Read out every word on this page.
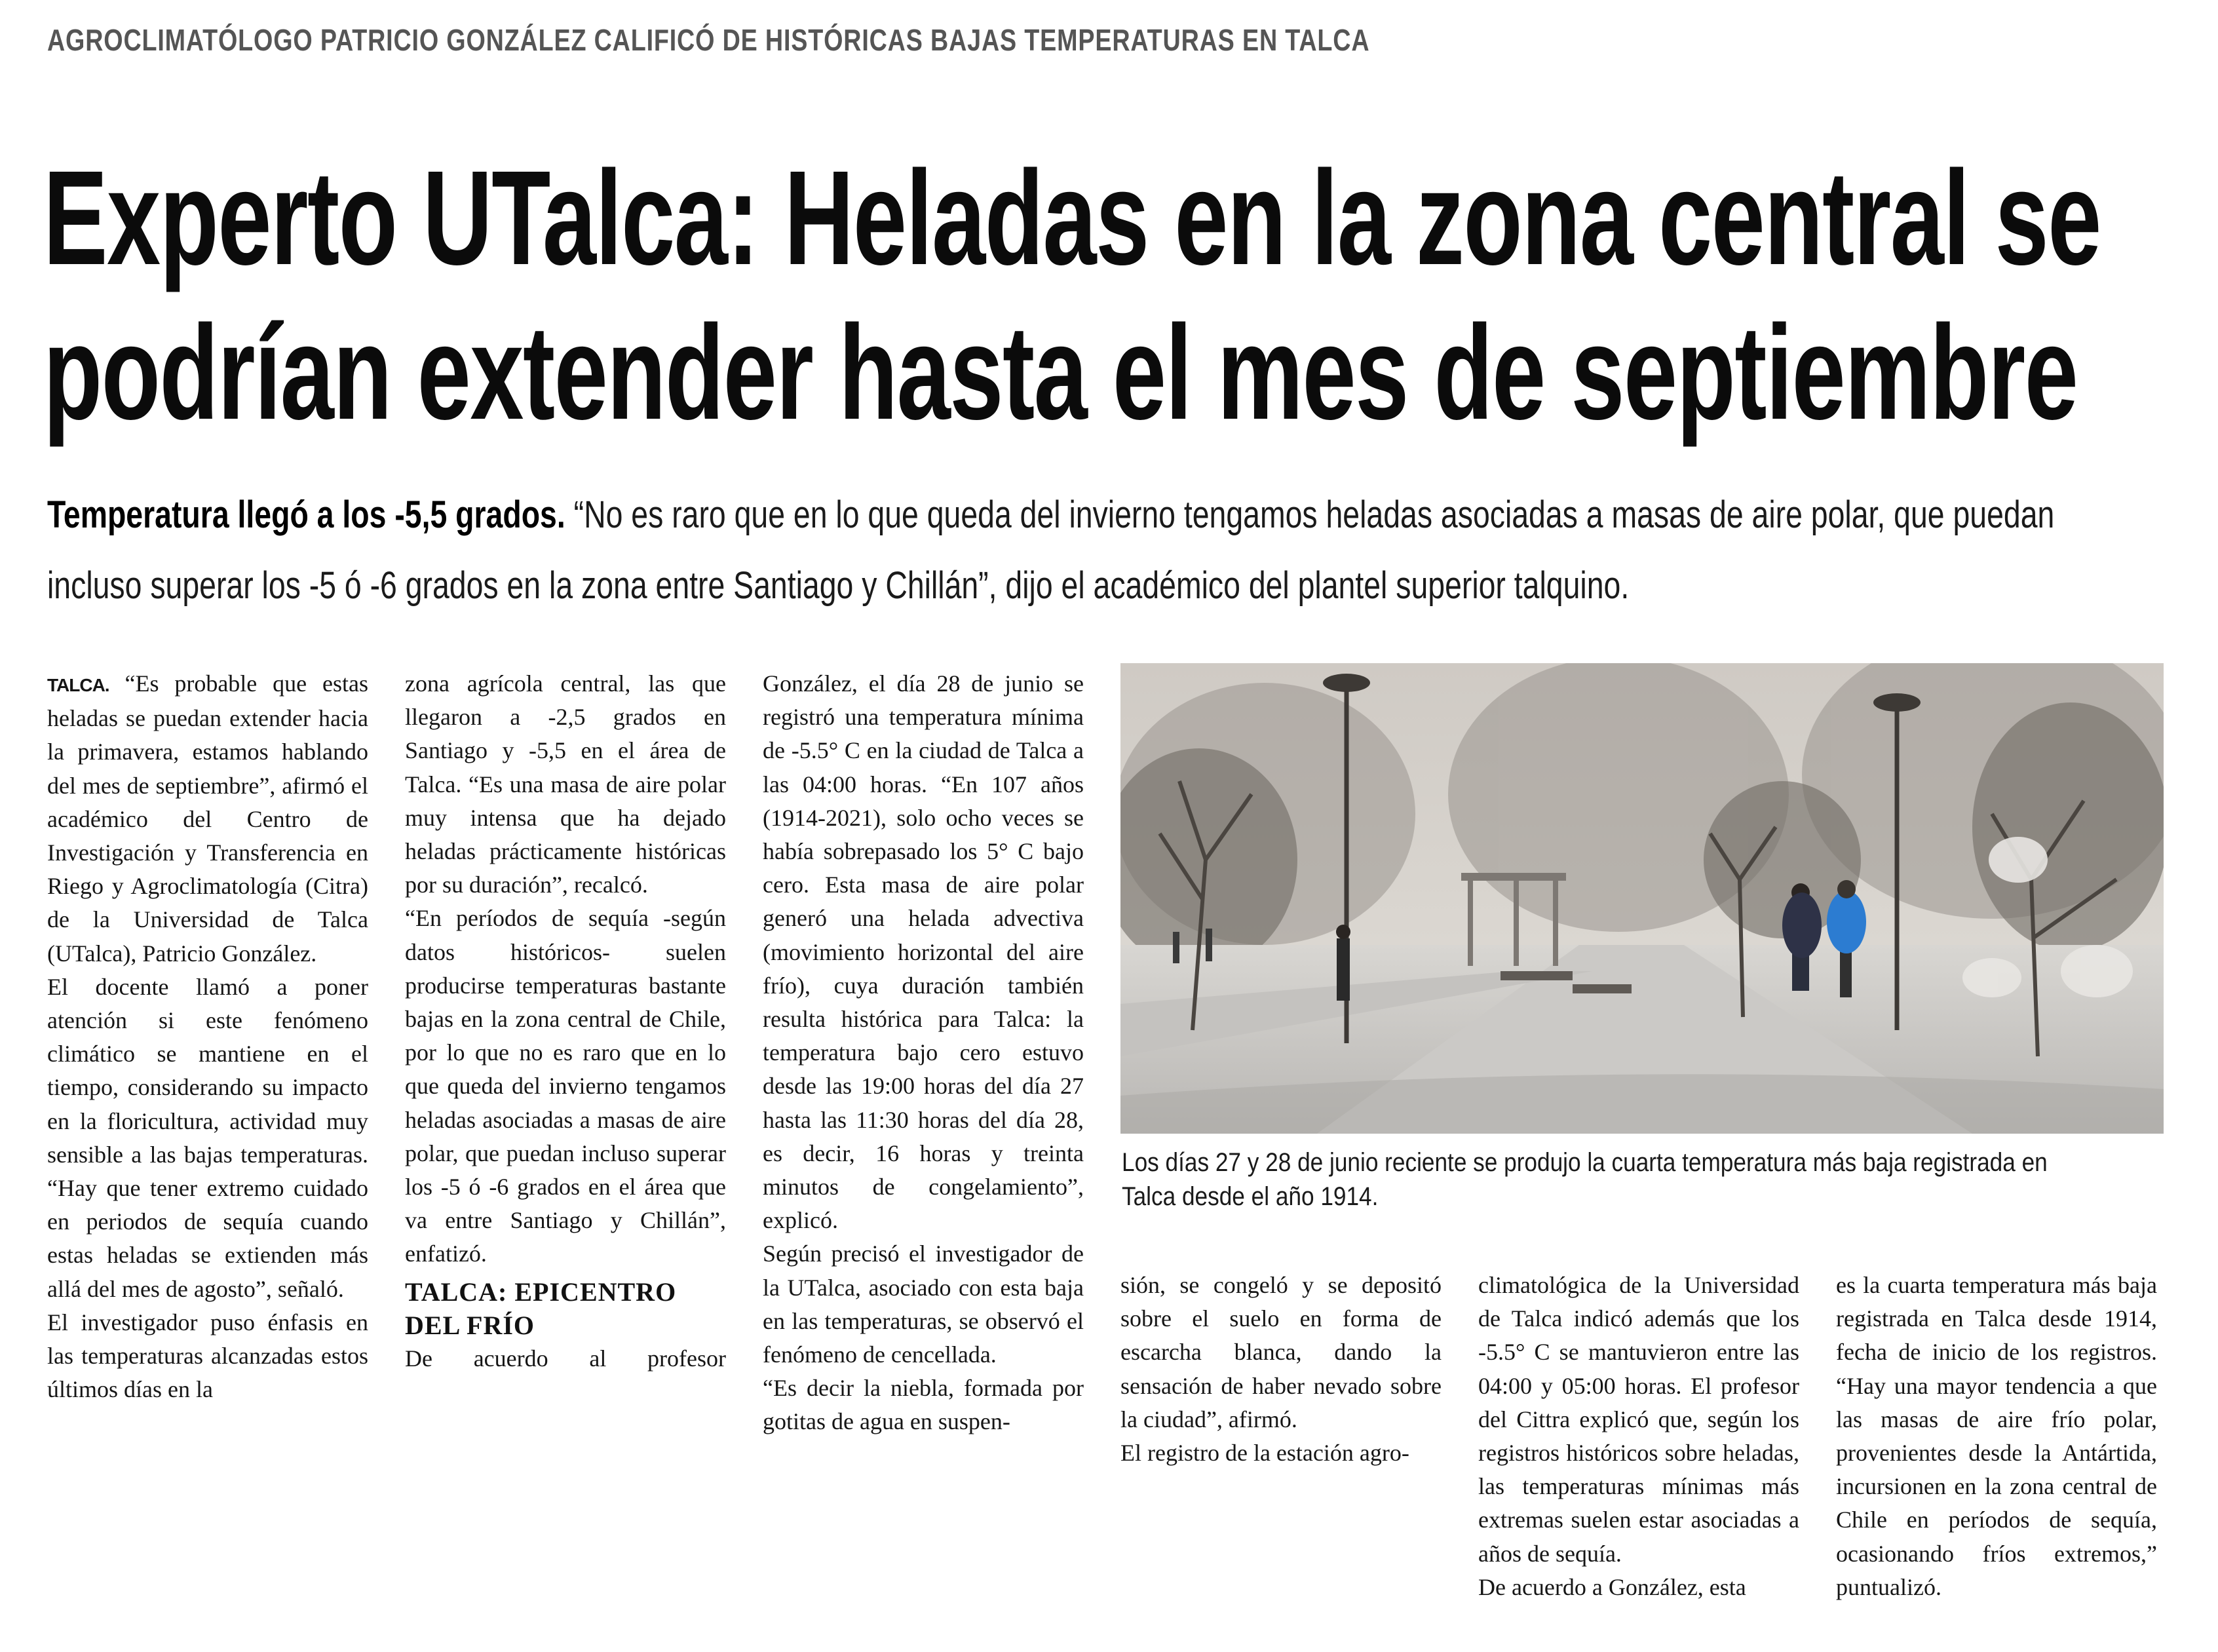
AGROCLIMATÓLOGO PATRICIO GONZÁLEZ CALIFICÓ DE HISTÓRICAS BAJAS TEMPERATURAS EN TALCA
Experto UTalca: Heladas en la zona central se
podrían extender hasta el mes de septiembre
Temperatura llegó a los -5,5 grados. “No es raro que en lo que queda del invierno tengamos heladas asociadas a masas de aire polar, que puedan incluso superar los -5 ó -6 grados en la zona entre Santiago y Chillán”, dijo el académico del plantel superior talquino.

TALCA. “Es probable que estas heladas se puedan extender hacia la primavera, estamos hablando del mes de septiembre”, afirmó el académico del Centro de Investigación y Transferencia en Riego y Agroclimatología (Citra) de la Universidad de Talca (UTalca), Patricio González.

El docente llamó a poner atención si este fenómeno climático se mantiene en el tiempo, considerando su impacto en la floricultura, actividad muy sensible a las bajas temperaturas. “Hay que tener extremo cuidado en periodos de sequía cuando estas heladas se extienden más allá del mes de agosto”, señaló.

El investigador puso énfasis en las temperaturas alcanzadas estos últimos días en la

zona agrícola central, las que llegaron a -2,5 grados en Santiago y -5,5 en el área de Talca. “Es una masa de aire polar muy intensa que ha dejado heladas prácticamente históricas por su duración”, recalcó.

“En períodos de sequía -según datos históricos- suelen producirse temperaturas bastante bajas en la zona central de Chile, por lo que no es raro que en lo que queda del invierno tengamos heladas asociadas a masas de aire polar, que puedan incluso superar los -5 ó -6 grados en el área que va entre Santiago y Chillán”, enfatizó.

TALCA: EPICENTRO
DEL FRÍO

De acuerdo al profesor

González, el día 28 de junio se registró una temperatura mínima de -5.5° C en la ciudad de Talca a las 04:00 horas. “En 107 años (1914-2021), solo ocho veces se había sobrepasado los 5° C bajo cero. Esta masa de aire polar generó una helada advectiva (movimiento horizontal del aire frío), cuya duración también resulta histórica para Talca: la temperatura bajo cero estuvo desde las 19:00 horas del día 27 hasta las 11:30 horas del día 28, es decir, 16 horas y treinta minutos de congelamiento”, explicó.

Según precisó el investigador de la UTalca, asociado con esta baja en las temperaturas, se observó el fenómeno de cencellada.

“Es decir la niebla, formada por gotitas de agua en suspen-

Los días 27 y 28 de junio reciente se produjo la cuarta temperatura más baja registrada en Talca desde el año 1914.

sión, se congeló y se depositó sobre el suelo en forma de escarcha blanca, dando la sensación de haber nevado sobre la ciudad”, afirmó.

El registro de la estación agro-

climatológica de la Universidad de Talca indicó además que los -5.5° C se mantuvieron entre las 04:00 y 05:00 horas. El profesor del Cittra explicó que, según los registros históricos sobre heladas, las temperaturas mínimas más extremas suelen estar asociadas a años de sequía.

De acuerdo a González, esta

es la cuarta temperatura más baja registrada en Talca desde 1914, fecha de inicio de los registros. “Hay una mayor tendencia a que las masas de aire frío polar, provenientes desde la Antártida, incursionen en la zona central de Chile en períodos de sequía, ocasionando fríos extremos,” puntualizó.
